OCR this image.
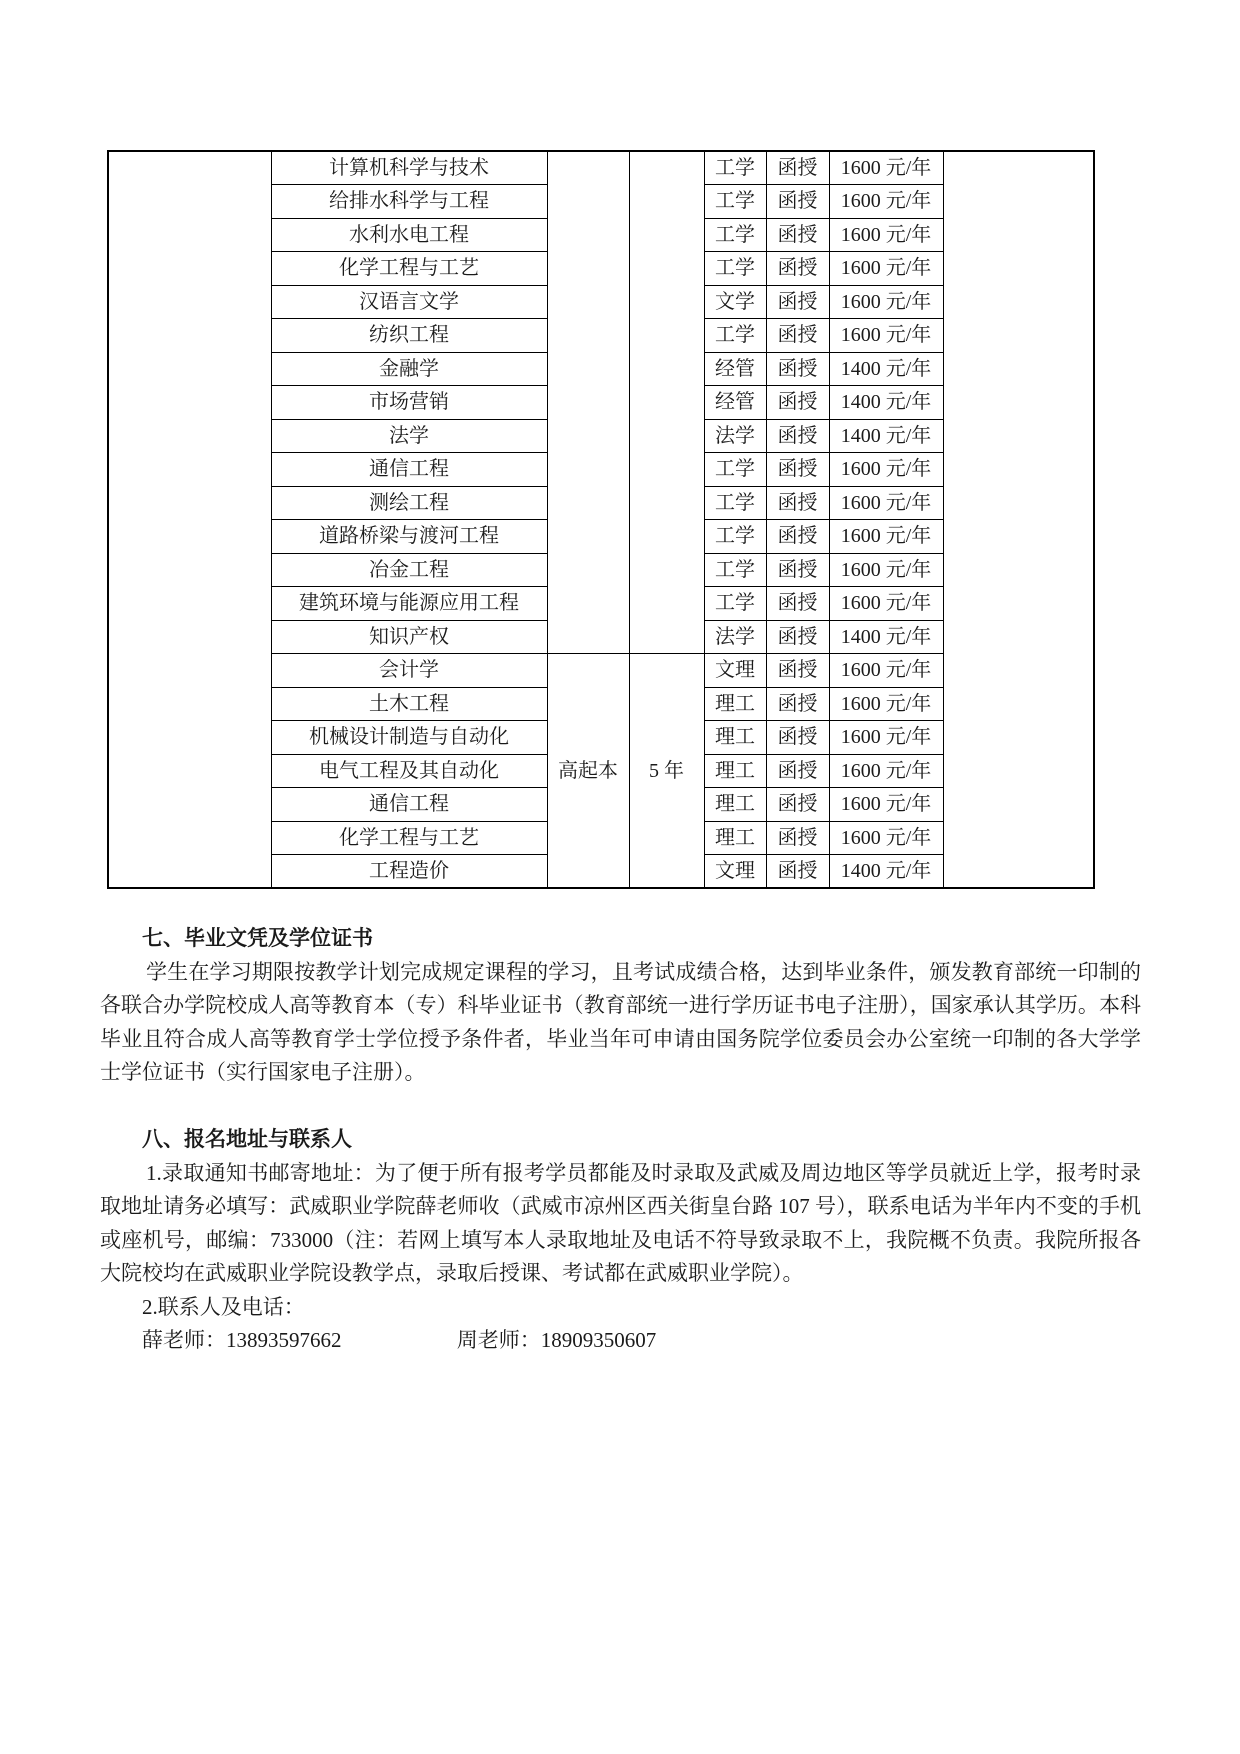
	计算机科学与技术			工学	函授	1600 元/年	
	给排水科学与工程			工学	函授	1600 元/年	
	水利水电工程			工学	函授	1600 元/年	
	化学工程与工艺			工学	函授	1600 元/年	
	汉语言文学			文学	函授	1600 元/年	
	纺织工程			工学	函授	1600 元/年	
	金融学			经管	函授	1400 元/年	
	市场营销			经管	函授	1400 元/年	
	法学			法学	函授	1400 元/年	
	通信工程			工学	函授	1600 元/年	
	测绘工程			工学	函授	1600 元/年	
	道路桥梁与渡河工程			工学	函授	1600 元/年	
	冶金工程			工学	函授	1600 元/年	
	建筑环境与能源应用工程			工学	函授	1600 元/年	
	知识产权			法学	函授	1400 元/年	
	会计学	高起本	5 年	文理	函授	1600 元/年	
	土木工程			理工	函授	1600 元/年	
	机械设计制造与自动化			理工	函授	1600 元/年	
	电气工程及其自动化			理工	函授	1600 元/年	
	通信工程			理工	函授	1600 元/年	
	化学工程与工艺			理工	函授	1600 元/年	
	工程造价			文理	函授	1400 元/年	
七、毕业文凭及学位证书

学生在学习期限按教学计划完成规定课程的学习，且考试成绩合格，达到毕业条件，颁发教育部统一印制的各联合办学院校成人高等教育本（专）科毕业证书（教育部统一进行学历证书电子注册），国家承认其学历。本科毕业且符合成人高等教育学士学位授予条件者，毕业当年可申请由国务院学位委员会办公室统一印制的各大学学士学位证书（实行国家电子注册）。

八、报名地址与联系人

1.录取通知书邮寄地址：为了便于所有报考学员都能及时录取及武威及周边地区等学员就近上学，报考时录取地址请务必填写：武威职业学院薛老师收（武威市凉州区西关街皇台路 107 号），联系电话为半年内不变的手机或座机号，邮编：733000（注：若网上填写本人录取地址及电话不符导致录取不上，我院概不负责。我院所报各大院校均在武威职业学院设教学点，录取后授课、考试都在武威职业学院）。

2.联系人及电话：
薛老师：13893597662	周老师：18909350607
